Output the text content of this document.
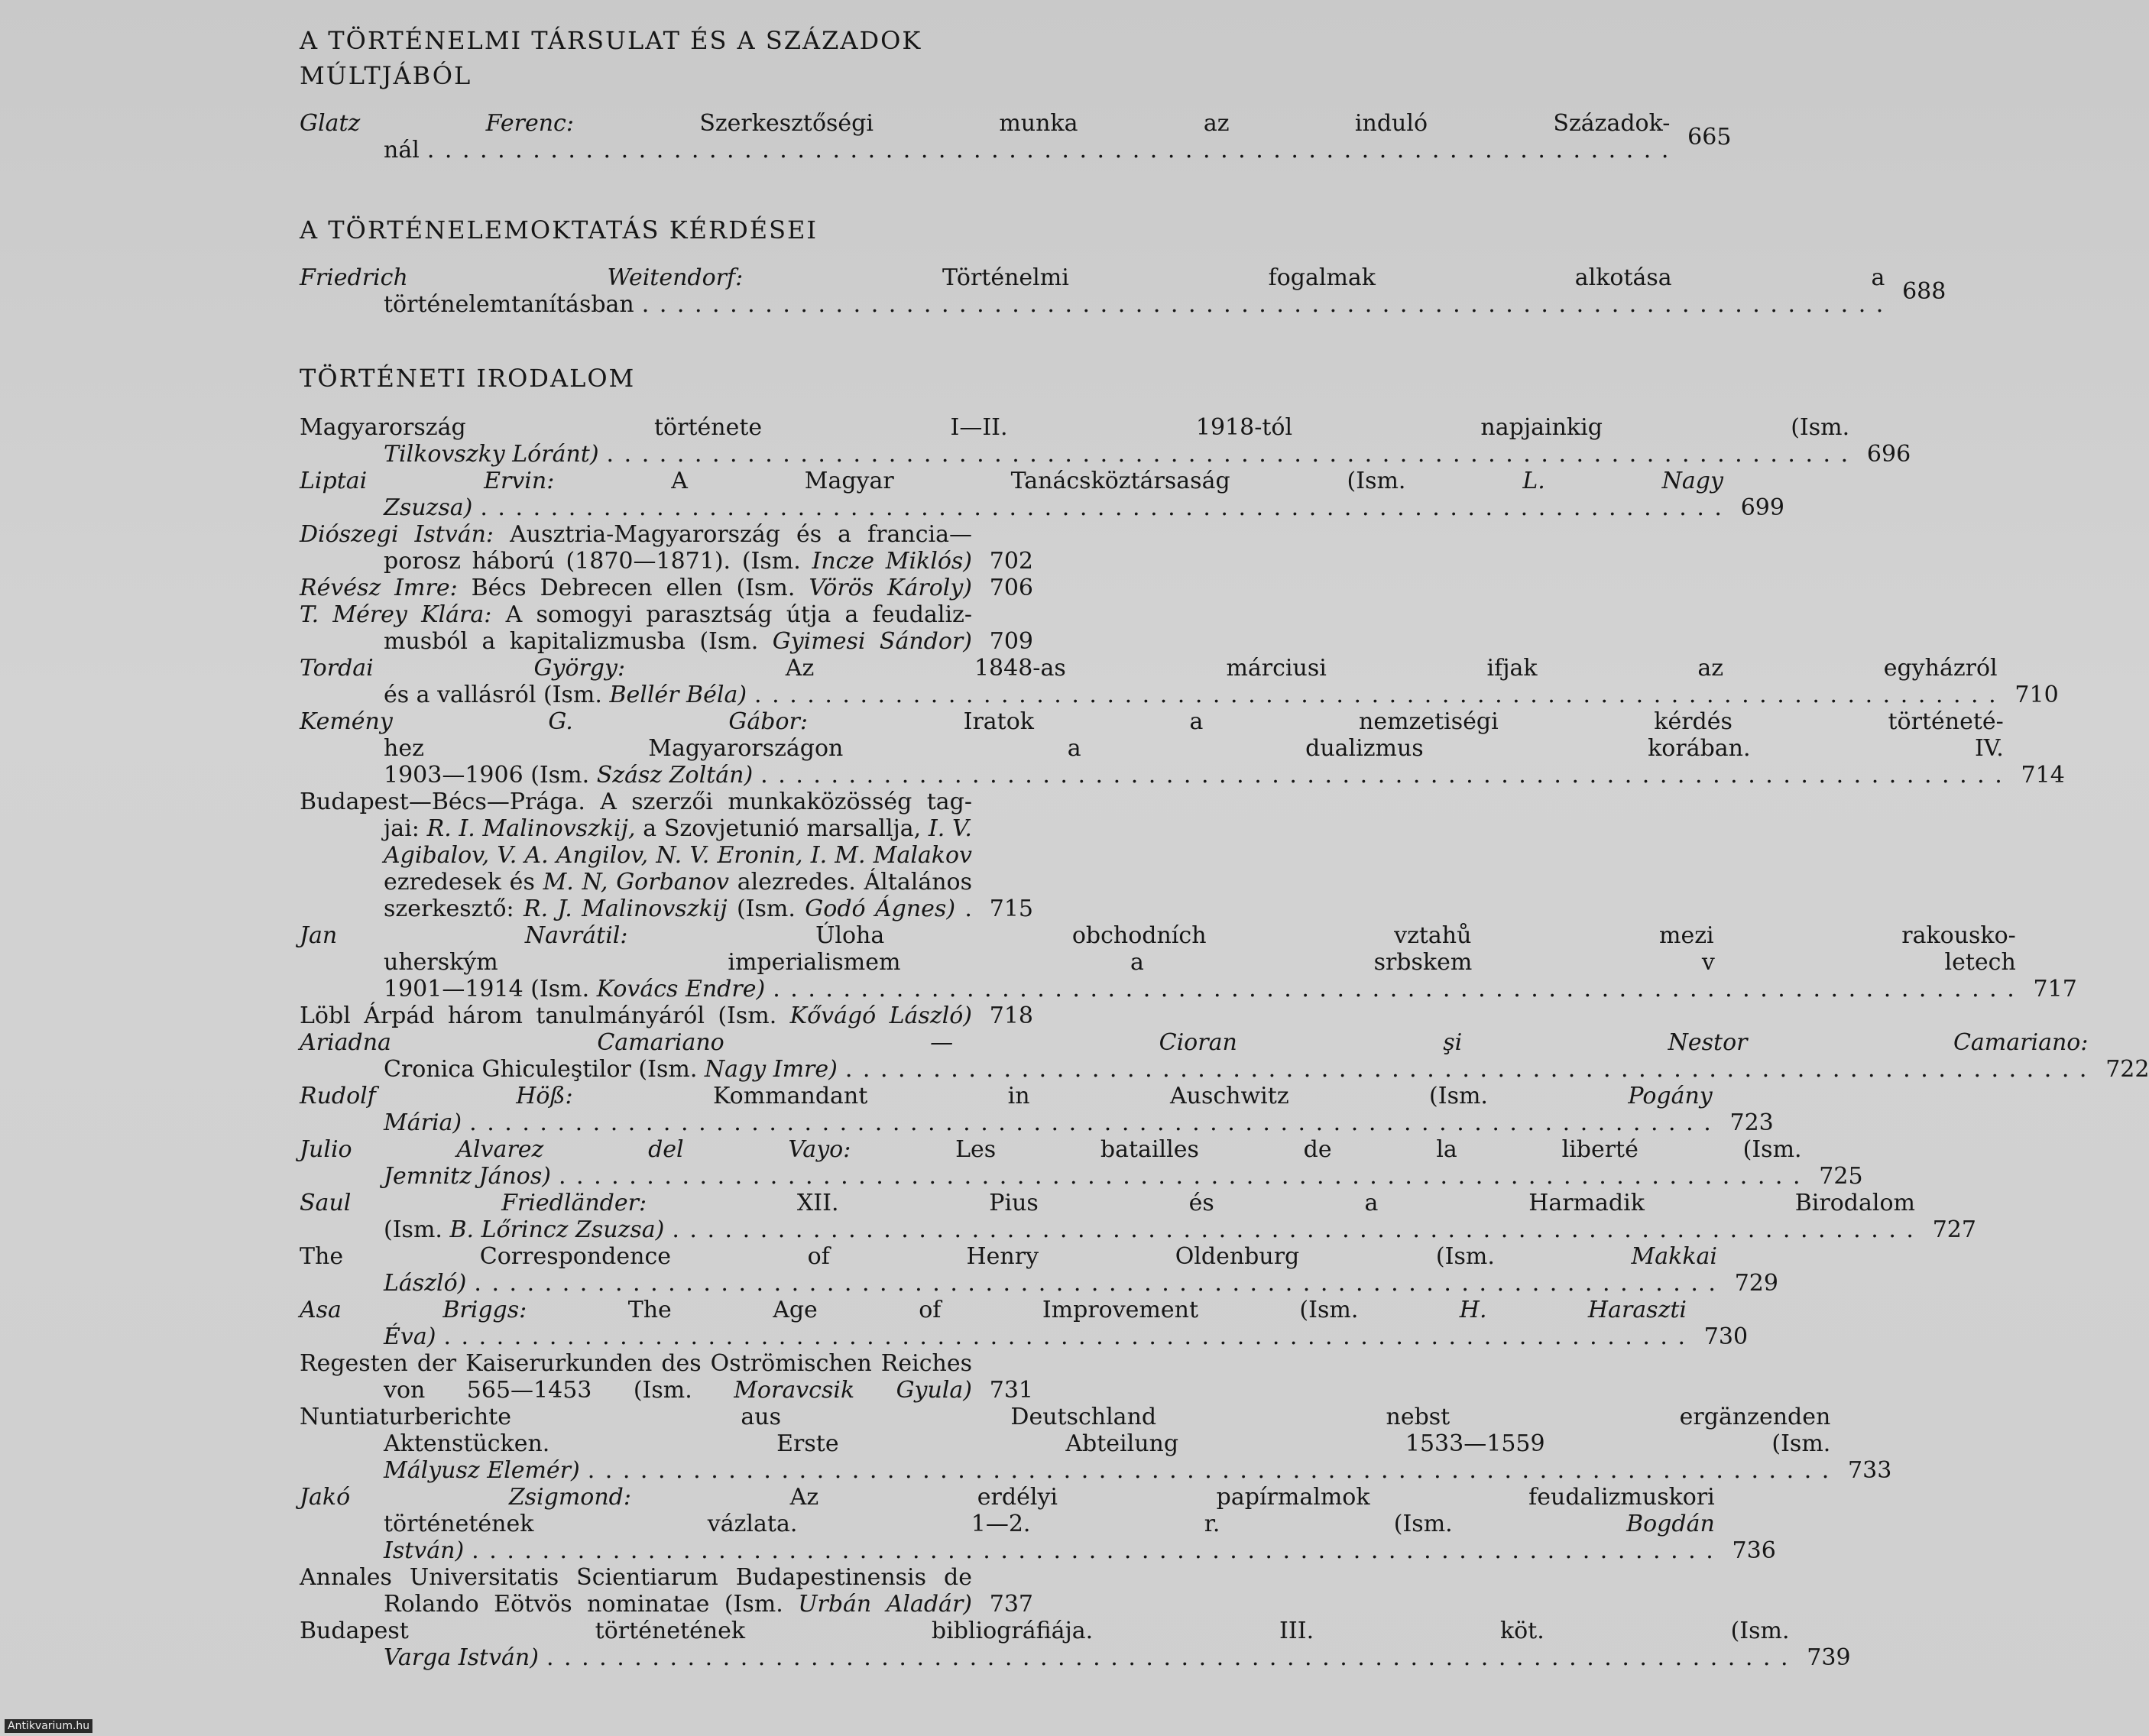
A TÖRTÉNELMI TÁRSULAT ÉS A SZÁZADOK
MÚLTJÁBÓL
Glatz Ferenc:	Szerkesztőségi munka az induló Századok-
nál . . .	665
A TÖRTÉNELEMOKTATÁS KÉRDÉSEI
Friedrich Weitendorf:	Történelmi fogalmak alkotása a
történelemtanításban . . .	688
TÖRTÉNETI IRODALOM
Magyarország története I—II. 1918-tól napjainkig (Ism.
Tilkovszky Lóránt) . . .	696
Liptai Ervin:	A Magyar Tanácsköztársaság (Ism.	L. Nagy
Zsuzsa) . . .	699
Diószegi István: Ausztria-Magyarország és a francia—
porosz háború (1870—1871). (Ism. Incze Miklós) 702
Révész Imre: Bécs Debrecen ellen (Ism. Vörös Károly) 706
T. Mérey Klára: A somogyi parasztság útja a feudaliz-
musból a kapitalizmusba (Ism. Gyimesi Sándor) 709
Tordai György:	Az 1848-as márciusi ifjak az egyházról
és a vallásról (Ism.
Bellér Béla) . . .	710
Kemény G. Gábor:	Iratok a nemzetiségi kérdés történeté-
hez Magyarországon a dualizmus korában. IV.
1903—1906 (Ism.
Szász Zoltán) . . .	714
Budapest—Bécs—Prága. A szerzői munkaközösség tag-
jai: R. I. Malinovszkij, a Szovjetunió marsallja, I. V.
Agibalov, V. A. Angilov, N. V. Eronin, I. M. Malakov
ezredesek és M. N, Gorbanov alezredes. Általános
szerkesztő: R. J. Malinovszkij (Ism. Godó Ágnes) . 715
Jan Navrátil:	Úloha obchodních vztahů mezi rakousko-
uherským imperialismem a srbskem v letech
1901—1914 (Ism.
Kovács Endre) . . .	717
Löbl Árpád három tanulmányáról (Ism. Kővágó László) 718
Ariadna Camariano — Cioran şi Nestor Camariano:
Cronica Ghiculeştilor (Ism.
Nagy Imre) . . .	722
Rudolf Höß:	Kommandant in Auschwitz (Ism.	Pogány
Mária) . . .	723
Julio Alvarez del Vayo:	Les batailles de la liberté (Ism.
Jemnitz János) . . .	725
Saul Friedländer:	XII. Pius és a Harmadik Birodalom
(Ism.
B. Lőrincz Zsuzsa) . . .	727
The Correspondence of Henry Oldenburg (Ism.	Makkai
László) . . .	729
Asa Briggs:	The Age of Improvement (Ism.	H. Haraszti
Éva) . . .	730
Regesten der Kaiserurkunden des Oströmischen Reiches
von 565—1453 (Ism. Moravcsik Gyula) 731
Nuntiaturberichte aus Deutschland nebst ergänzenden
Aktenstücken. Erste Abteilung 1533—1559 (Ism.
Mályusz Elemér) . . .	733
Jakó Zsigmond:	Az erdélyi papírmalmok feudalizmuskori
történetének vázlata. 1—2. r. (Ism.	Bogdán
István) . . .	736
Annales Universitatis Scientiarum Budapestinensis de
Rolando Eötvös nominatae (Ism. Urbán Aladár) 737
Budapest történetének bibliográfiája. III. köt. (Ism.
Varga István) . . .	739
Antikvarium.hu
